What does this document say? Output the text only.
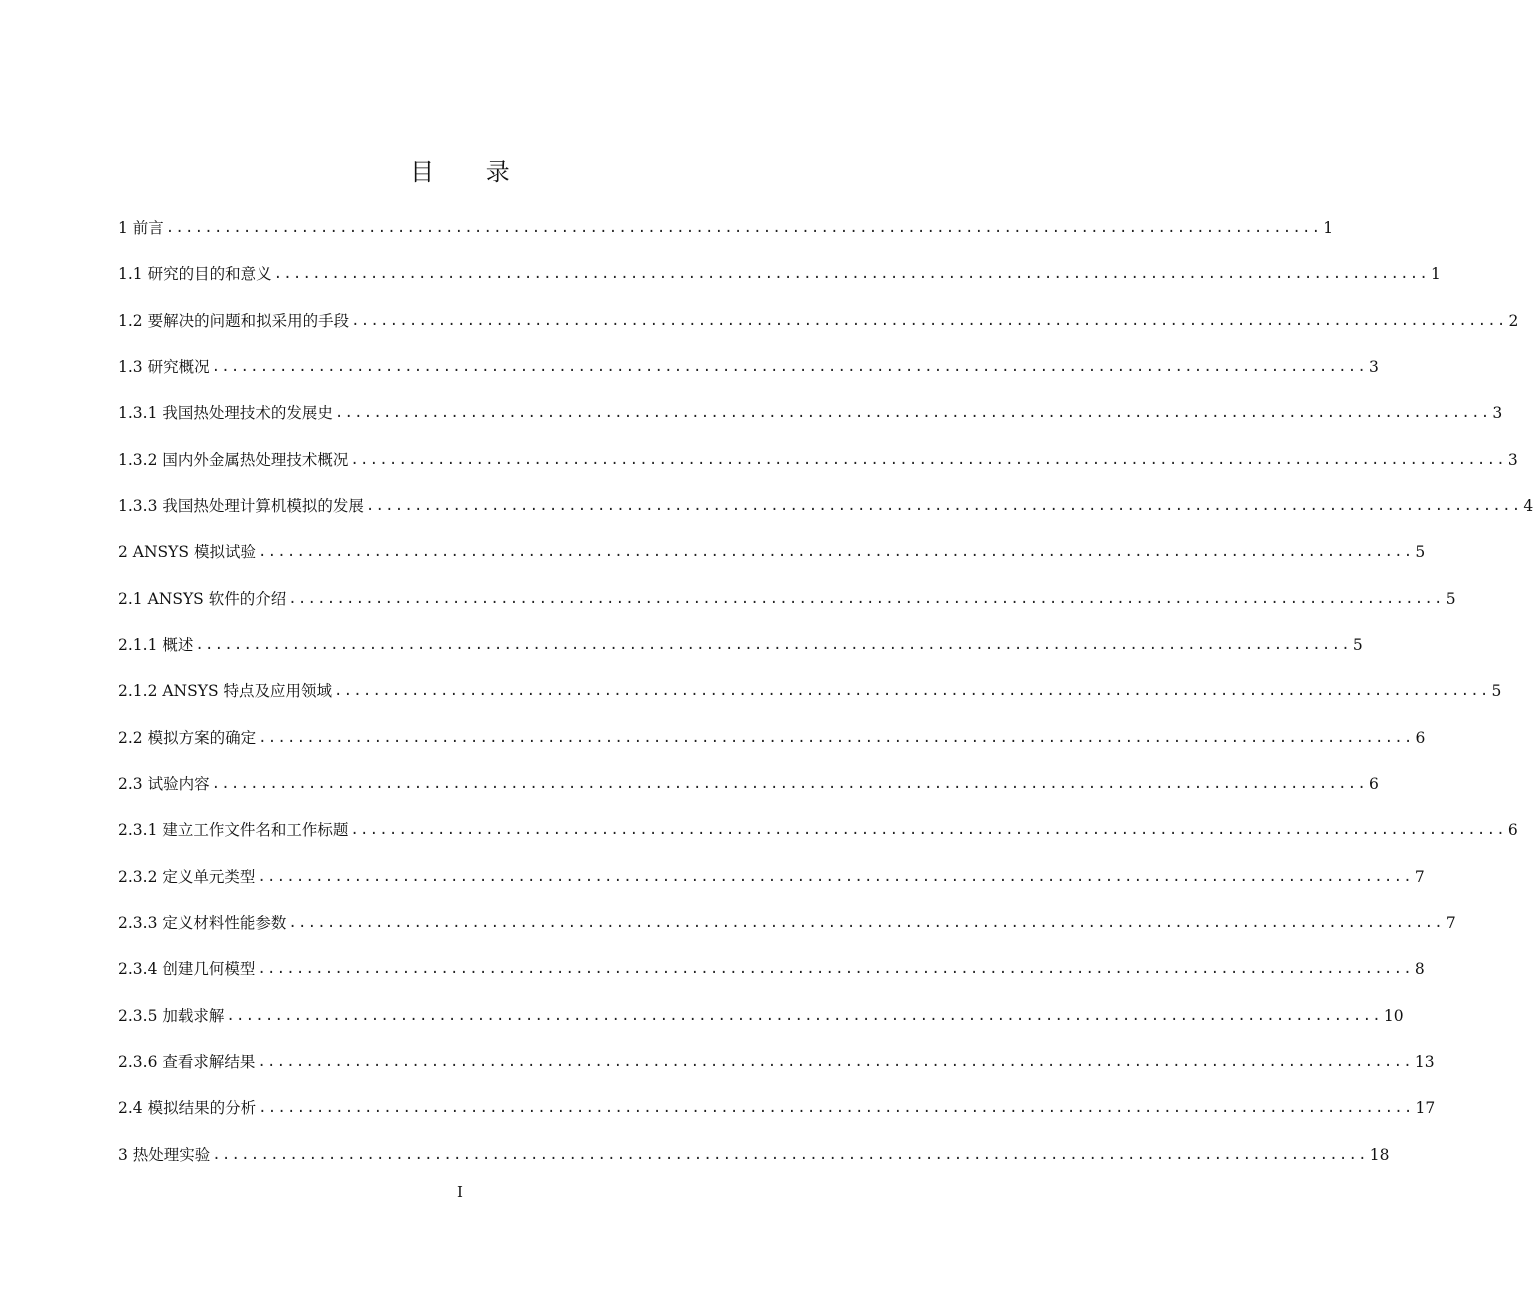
目 录
1 前言 ........................................................................................................................ 1
1.1 研究的目的和意义 ........................................................................................................................ 1
1.2 要解决的问题和拟采用的手段 ........................................................................................................................ 2
1.3 研究概况 ........................................................................................................................ 3
1.3.1 我国热处理技术的发展史 ........................................................................................................................ 3
1.3.2 国内外金属热处理技术概况 ........................................................................................................................ 3
1.3.3 我国热处理计算机模拟的发展 ........................................................................................................................ 4
2 ANSYS 模拟试验 ........................................................................................................................ 5
2.1 ANSYS 软件的介绍 ........................................................................................................................ 5
2.1.1 概述 ........................................................................................................................ 5
2.1.2 ANSYS 特点及应用领域 ........................................................................................................................ 5
2.2 模拟方案的确定 ........................................................................................................................ 6
2.3 试验内容 ........................................................................................................................ 6
2.3.1 建立工作文件名和工作标题 ........................................................................................................................ 6
2.3.2 定义单元类型 ........................................................................................................................ 7
2.3.3 定义材料性能参数 ........................................................................................................................ 7
2.3.4 创建几何模型 ........................................................................................................................ 8
2.3.5 加载求解 ........................................................................................................................ 10
2.3.6 查看求解结果 ........................................................................................................................ 13
2.4 模拟结果的分析 ........................................................................................................................ 17
3 热处理实验 ........................................................................................................................ 18
I
